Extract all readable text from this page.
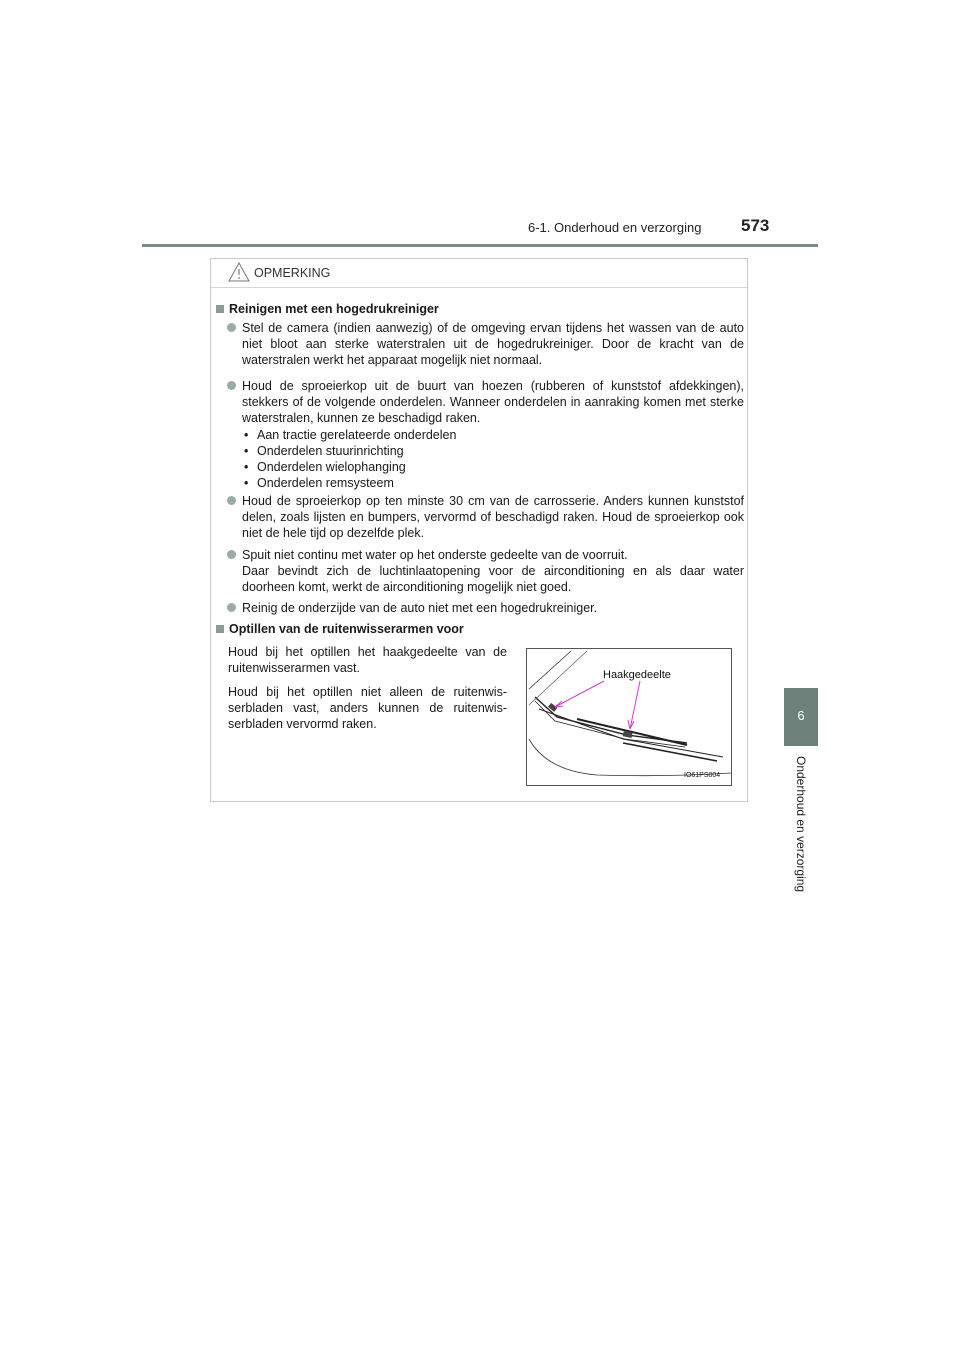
6-1. Onderhoud en verzorging 573
6
Onderhoud en verzorging
OPMERKING
Reinigen met een hogedrukreiniger

Stel de camera (indien aanwezig) of de omgeving ervan tijdens het wassen van de auto niet bloot aan sterke waterstralen uit de hogedrukreiniger. Door de kracht van de waterstralen werkt het apparaat mogelijk niet normaal.

Houd de sproeierkop uit de buurt van hoezen (rubberen of kunststof afdekkingen), stekkers of de volgende onderdelen. Wanneer onderdelen in aanraking komen met sterke waterstralen, kunnen ze beschadigd raken.

• Aan tractie gerelateerde onderdelen
• Onderdelen stuurinrichting
• Onderdelen wielophanging
• Onderdelen remsysteem

Houd de sproeierkop op ten minste 30 cm van de carrosserie. Anders kunnen kunststof delen, zoals lijsten en bumpers, vervormd of beschadigd raken. Houd de sproeierkop ook niet de hele tijd op dezelfde plek.

Spuit niet continu met water op het onderste gedeelte van de voorruit.

Daar bevindt zich de luchtinlaatopening voor de airconditioning en als daar water doorheen komt, werkt de airconditioning mogelijk niet goed.

Reinig de onderzijde van de auto niet met een hogedrukreiniger.

Optillen van de ruitenwisserarmen voor
Houd bij het optillen het haakgedeelte van de ruitenwisserarmen vast.
Houd bij het optillen niet alleen de ruitenwis-serbladen vast, anders kunnen de ruitenwis-serbladen vervormd raken.
Haakgedeelte
IO61PS004
